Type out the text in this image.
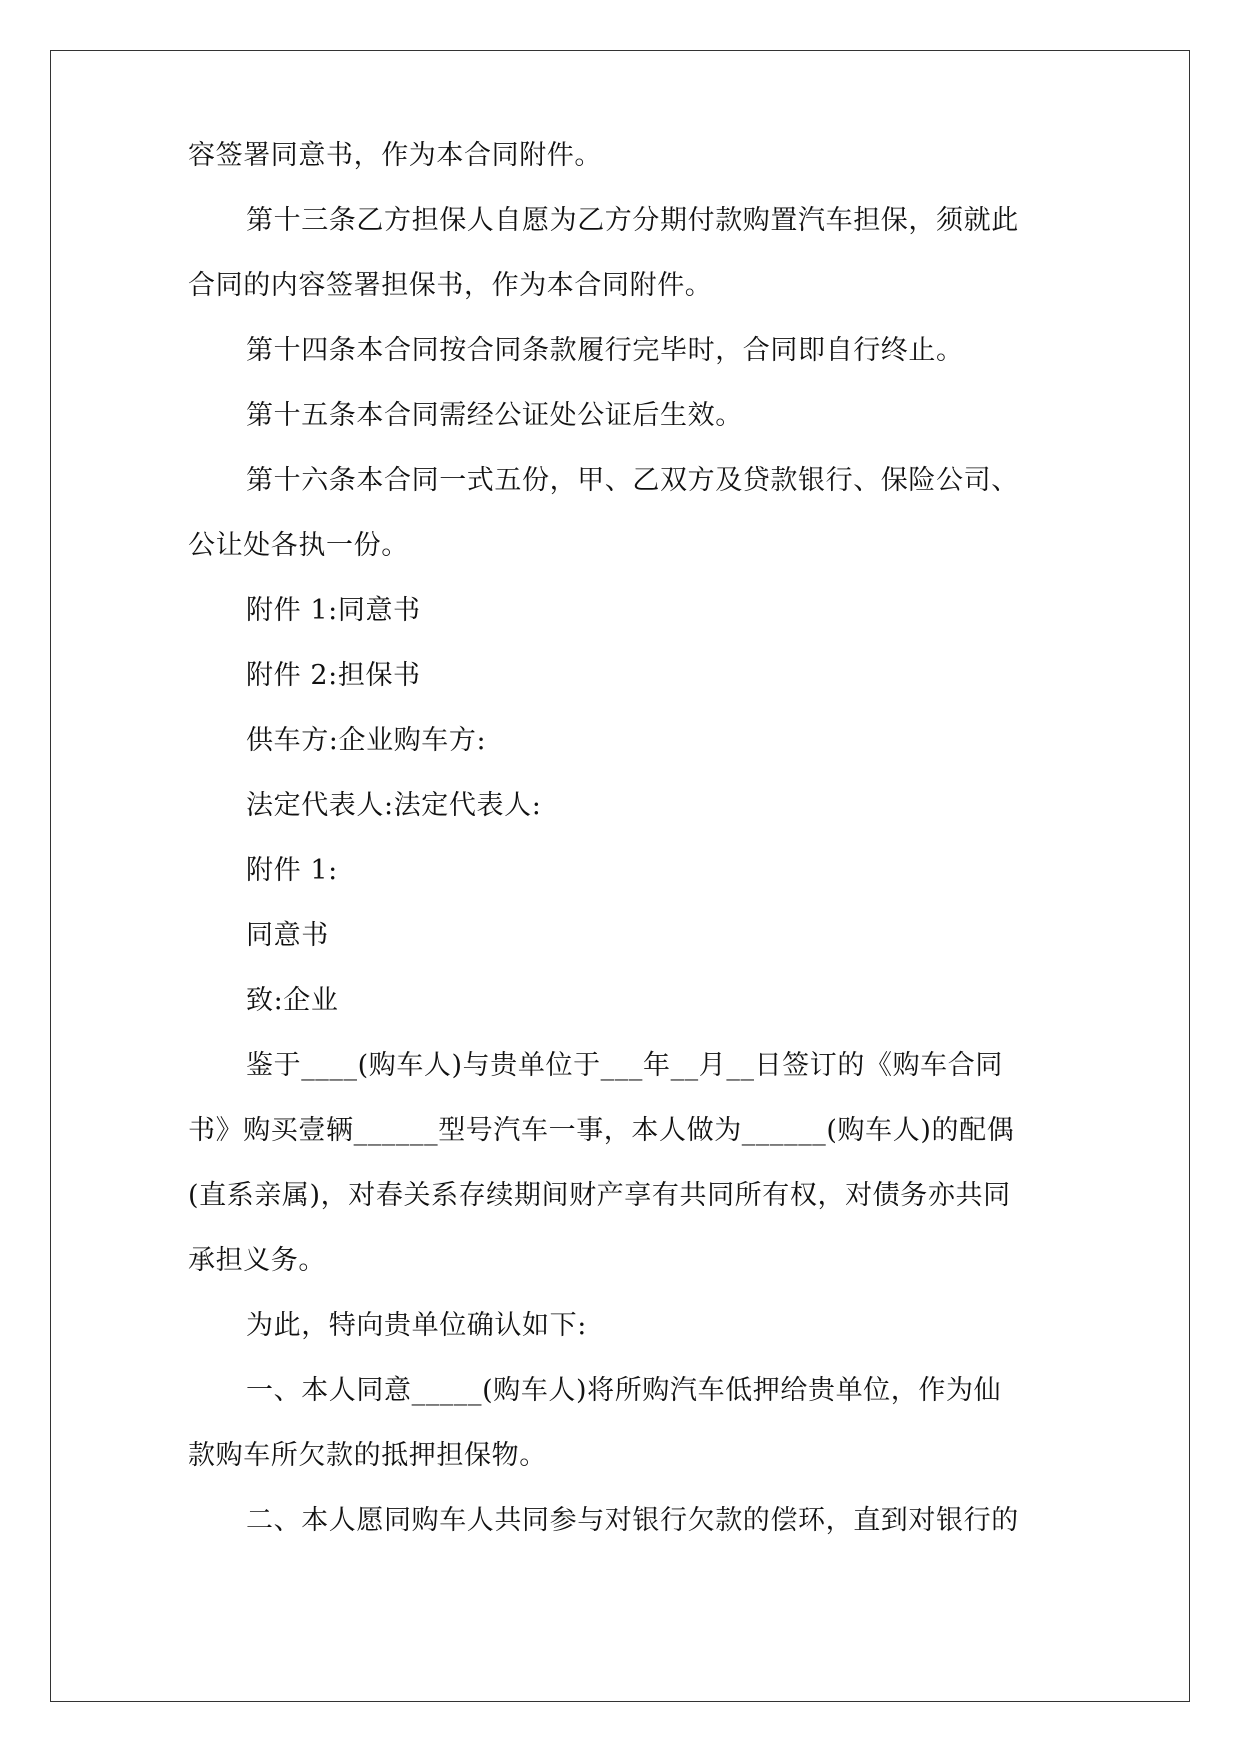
容签署同意书，作为本合同附件。
第十三条乙方担保人自愿为乙方分期付款购置汽车担保，须就此
合同的内容签署担保书，作为本合同附件。
第十四条本合同按合同条款履行完毕时，合同即自行终止。
第十五条本合同需经公证处公证后生效。
第十六条本合同一式五份，甲、乙双方及贷款银行、保险公司、
公让处各执一份。
附件 1:同意书
附件 2:担保书
供车方:企业购车方:
法定代表人:法定代表人:
附件 1:
同意书
致:企业
鉴于____(购车人)与贵单位于___年__月__日签订的《购车合同
书》购买壹辆______型号汽车一事，本人做为______(购车人)的配偶
(直系亲属)，对春关系存续期间财产享有共同所有权，对债务亦共同
承担义务。
为此，特向贵单位确认如下:
一、本人同意_____(购车人)将所购汽车低押给贵单位，作为仙
款购车所欠款的抵押担保物。
二、本人愿同购车人共同参与对银行欠款的偿环，直到对银行的
